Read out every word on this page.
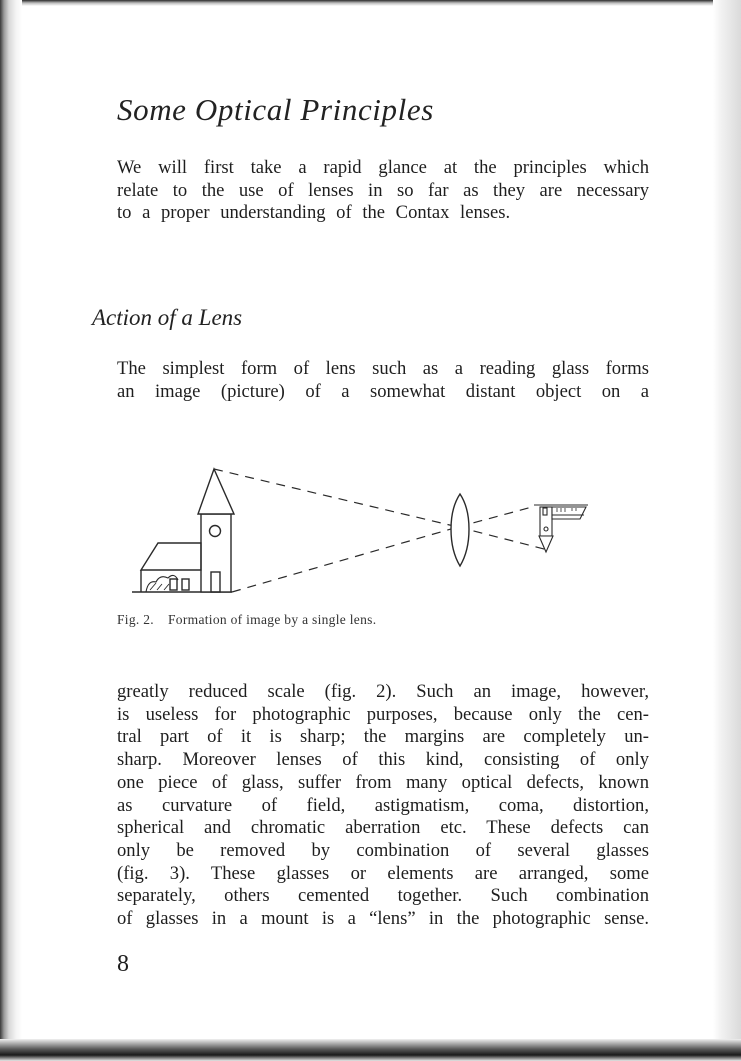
Some Optical Principles

We will first take a rapid glance at the principles which
relate to the use of lenses in so far as they are necessary
to a proper understanding of the Contax lenses.

Action of a Lens

The simplest form of lens such as a reading glass forms
an image (picture) of a somewhat distant object on a

Fig. 2. Formation of image by a single lens.

greatly reduced scale (fig. 2). Such an image, however,
is useless for photographic purposes, because only the cen-
tral part of it is sharp; the margins are completely un-
sharp. Moreover lenses of this kind, consisting of only
one piece of glass, suffer from many optical defects, known
as curvature of field, astigmatism, coma, distortion,
spherical and chromatic aberration etc. These defects can
only be removed by combination of several glasses
(fig. 3). These glasses or elements are arranged, some
separately, others cemented together. Such combination
of glasses in a mount is a “lens” in the photographic sense.

8
